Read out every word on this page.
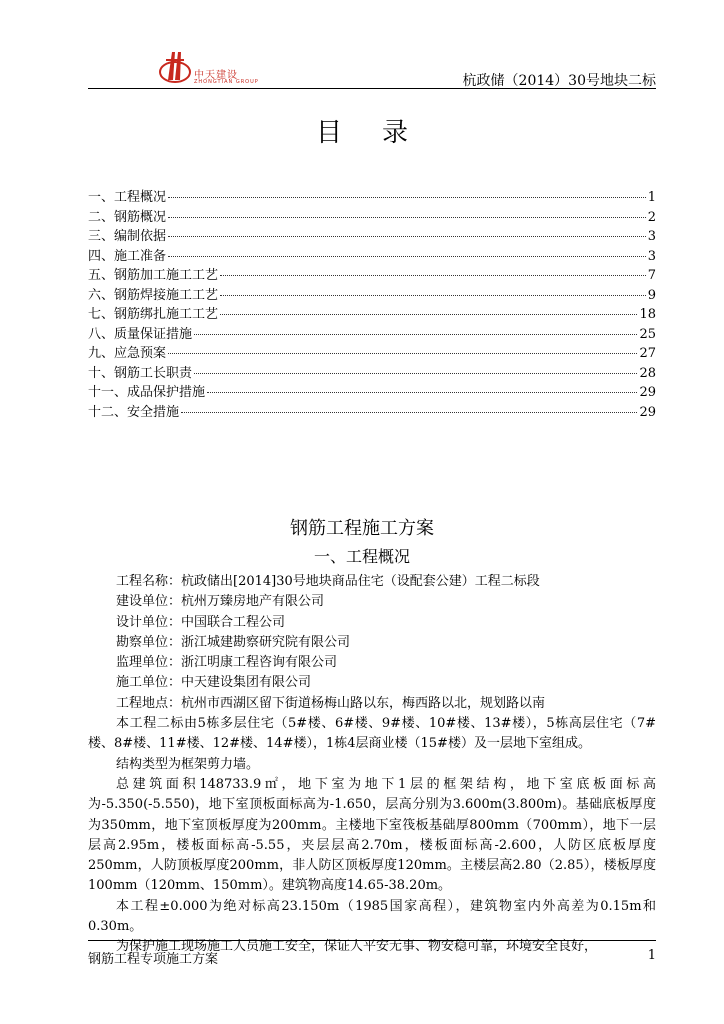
中天建设
ZHONGTIAN GROUP	杭政储（2014）30号地块二标
目录
一、工程概况	1
二、钢筋概况	2
三、编制依据	3
四、施工准备	3
五、钢筋加工施工工艺	7
六、钢筋焊接施工工艺	9
七、钢筋绑扎施工工艺	18
八、质量保证措施	25
九、应急预案	27
十、钢筋工长职责	28
十一、成品保护措施	29
十二、安全措施	29
钢筋工程施工方案
一、工程概况

工程名称：杭政储出[2014]30号地块商品住宅（设配套公建）工程二标段

建设单位：杭州万臻房地产有限公司

设计单位：中国联合工程公司

勘察单位：浙江城建勘察研究院有限公司

监理单位：浙江明康工程咨询有限公司

施工单位：中天建设集团有限公司

工程地点：杭州市西湖区留下街道杨梅山路以东，梅西路以北，规划路以南

本工程二标由5栋多层住宅（5#楼、6#楼、9#楼、10#楼、13#楼），5栋高层住宅（7#楼、8#楼、11#楼、12#楼、14#楼），1栋4层商业楼（15#楼）及一层地下室组成。

结构类型为框架剪力墙。

总建筑面积148733.9㎡，地下室为地下1层的框架结构，地下室底板面标高为-5.350(-5.550)，地下室顶板面标高为-1.650，层高分别为3.600m(3.800m)。基础底板厚度为350mm，地下室顶板厚度为200mm。主楼地下室筏板基础厚800mm（700mm），地下一层层高2.95m，楼板面标高-5.55，夹层层高2.70m，楼板面标高-2.600，人防区底板厚度250mm，人防顶板厚度200mm，非人防区顶板厚度120mm。主楼层高2.80（2.85），楼板厚度100mm（120mm、150mm）。建筑物高度14.65-38.20m。

本工程±0.000为绝对标高23.150m（1985国家高程），建筑物室内外高差为0.15m和0.30m。

为保护施工现场施工人员施工安全，保证人平安无事、物安稳可靠，环境安全良好，

钢筋工程专项施工方案	1
